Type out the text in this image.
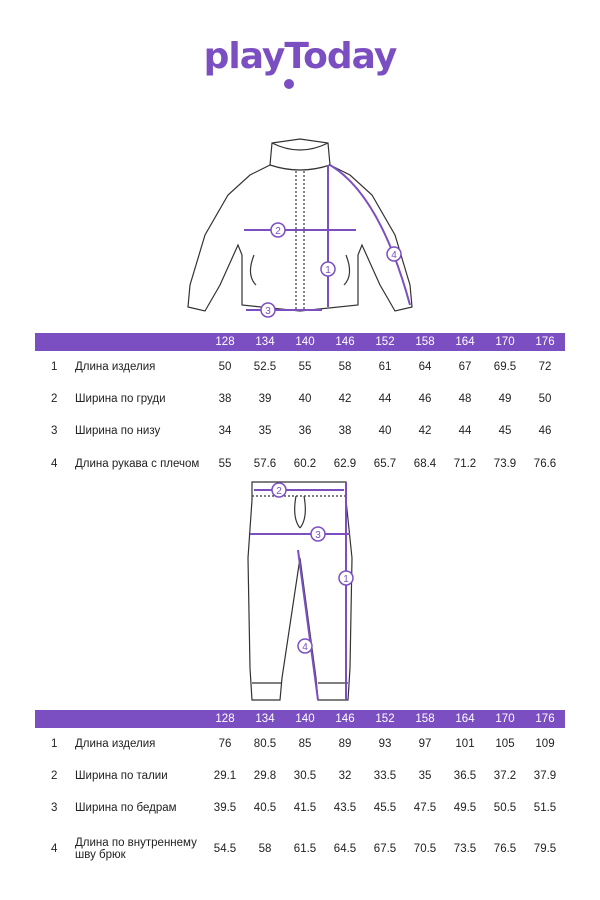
playToday
1
2
3
4
		128	134	140	146	152	158	164	170	176
1	Длина изделия	50	52.5	55	58	61	64	67	69.5	72
2	Ширина по груди	38	39	40	42	44	46	48	49	50
3	Ширина по низу	34	35	36	38	40	42	44	45	46
4	Длина рукава с плечом	55	57.6	60.2	62.9	65.7	68.4	71.2	73.9	76.6
1
2
3
4
		128	134	140	146	152	158	164	170	176
1	Длина изделия	76	80.5	85	89	93	97	101	105	109
2	Ширина по талии	29.1	29.8	30.5	32	33.5	35	36.5	37.2	37.9
3	Ширина по бедрам	39.5	40.5	41.5	43.5	45.5	47.5	49.5	50.5	51.5
4	Длина по внутреннему шву брюк	54.5	58	61.5	64.5	67.5	70.5	73.5	76.5	79.5
